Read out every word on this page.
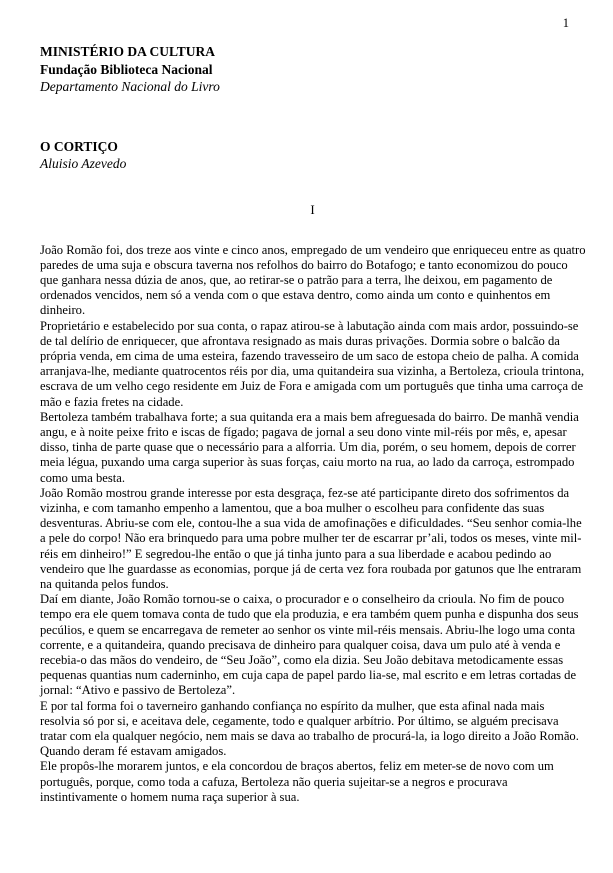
1
MINISTÉRIO DA CULTURA
Fundação Biblioteca Nacional
Departamento Nacional do Livro
O CORTIÇO
Aluisio Azevedo
I

João Romão foi, dos treze aos vinte e cinco anos, empregado de um vendeiro que enriqueceu entre as quatro paredes de uma suja e obscura taverna nos refolhos do bairro do Botafogo; e tanto economizou do pouco que ganhara nessa dúzia de anos, que, ao retirar-se o patrão para a terra, lhe deixou, em pagamento de ordenados vencidos, nem só a venda com o que estava dentro, como ainda um conto e quinhentos em dinheiro.

Proprietário e estabelecido por sua conta, o rapaz atirou-se à labutação ainda com mais ardor, possuindo-se de tal delírio de enriquecer, que afrontava resignado as mais duras privações. Dormia sobre o balcão da própria venda, em cima de uma esteira, fazendo travesseiro de um saco de estopa cheio de palha. A comida arranjava-lhe, mediante quatrocentos réis por dia, uma quitandeira sua vizinha, a Bertoleza, crioula trintona, escrava de um velho cego residente em Juiz de Fora e amigada com um português que tinha uma carroça de mão e fazia fretes na cidade.

Bertoleza também trabalhava forte; a sua quitanda era a mais bem afreguesada do bairro. De manhã vendia angu, e à noite peixe frito e iscas de fígado; pagava de jornal a seu dono vinte mil-réis por mês, e, apesar disso, tinha de parte quase que o necessário para a alforria. Um dia, porém, o seu homem, depois de correr meia légua, puxando uma carga superior às suas forças, caiu morto na rua, ao lado da carroça, estrompado como uma besta.

João Romão mostrou grande interesse por esta desgraça, fez-se até participante direto dos sofrimentos da vizinha, e com tamanho empenho a lamentou, que a boa mulher o escolheu para confidente das suas desventuras. Abriu-se com ele, contou-lhe a sua vida de amofinações e dificuldades. “Seu senhor comia-lhe a pele do corpo! Não era brinquedo para uma pobre mulher ter de escarrar pr’ali, todos os meses, vinte mil-réis em dinheiro!” E segredou-lhe então o que já tinha junto para a sua liberdade e acabou pedindo ao vendeiro que lhe guardasse as economias, porque já de certa vez fora roubada por gatunos que lhe entraram na quitanda pelos fundos.

Daí em diante, João Romão tornou-se o caixa, o procurador e o conselheiro da crioula. No fim de pouco tempo era ele quem tomava conta de tudo que ela produzia, e era também quem punha e dispunha dos seus pecúlios, e quem se encarregava de remeter ao senhor os vinte mil-réis mensais. Abriu-lhe logo uma conta corrente, e a quitandeira, quando precisava de dinheiro para qualquer coisa, dava um pulo até à venda e recebia-o das mãos do vendeiro, de “Seu João”, como ela dizia. Seu João debitava metodicamente essas pequenas quantias num caderninho, em cuja capa de papel pardo lia-se, mal escrito e em letras cortadas de jornal: “Ativo e passivo de Bertoleza”.

E por tal forma foi o taverneiro ganhando confiança no espírito da mulher, que esta afinal nada mais resolvia só por si, e aceitava dele, cegamente, todo e qualquer arbítrio. Por último, se alguém precisava tratar com ela qualquer negócio, nem mais se dava ao trabalho de procurá-la, ia logo direito a João Romão.

Quando deram fé estavam amigados.

Ele propôs-lhe morarem juntos, e ela concordou de braços abertos, feliz em meter-se de novo com um português, porque, como toda a cafuza, Bertoleza não queria sujeitar-se a negros e procurava instintivamente o homem numa raça superior à sua.
